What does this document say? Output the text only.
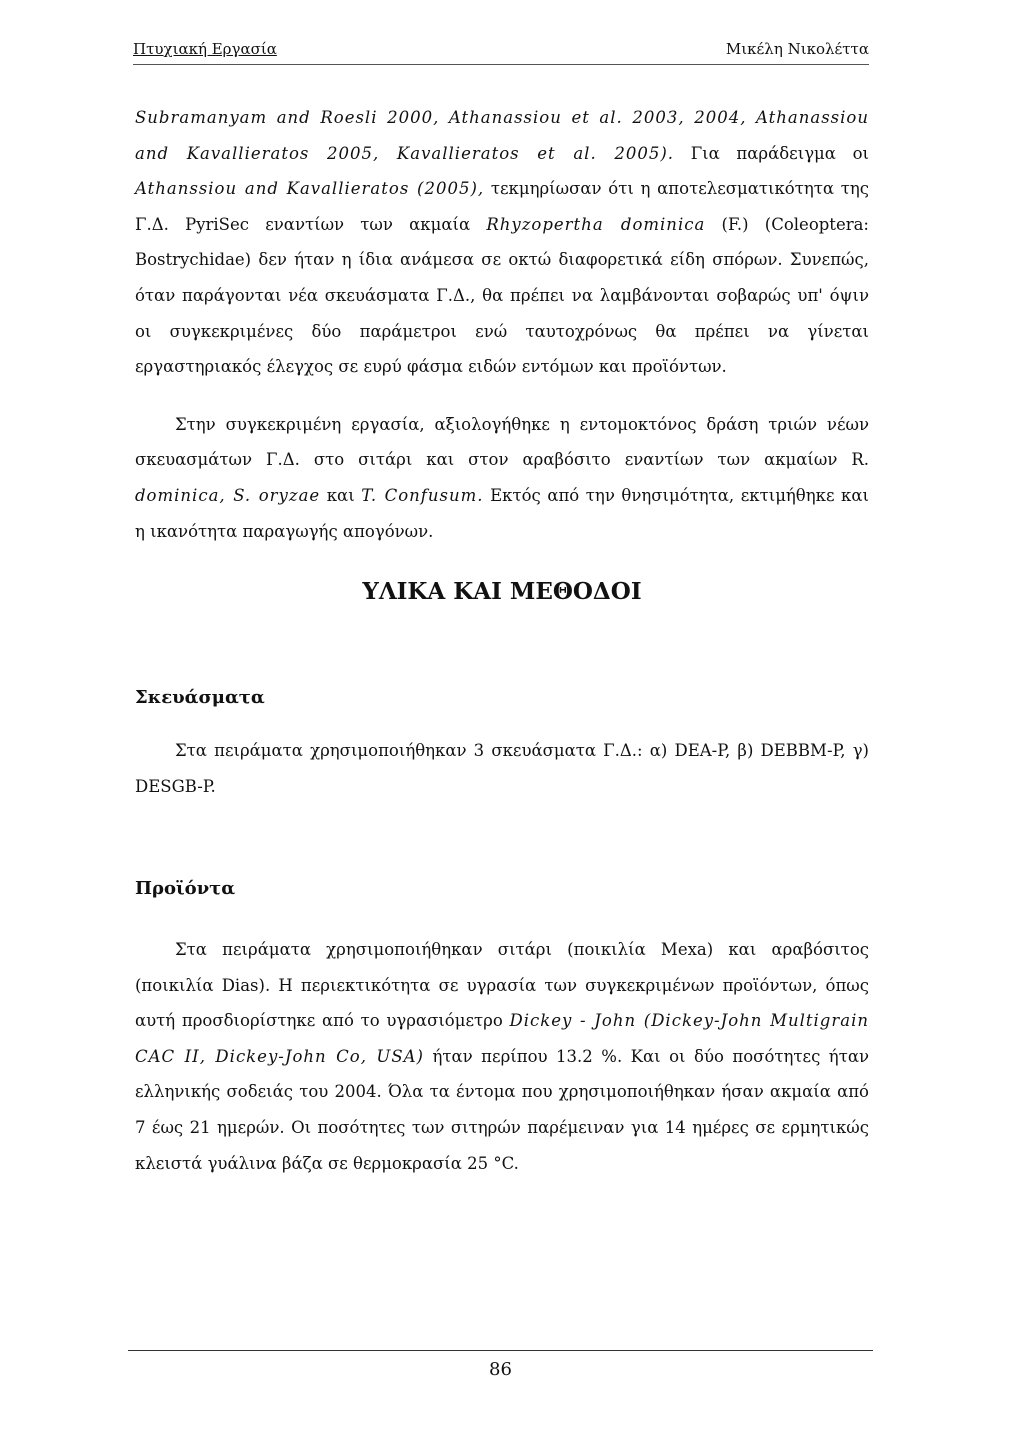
Πτυχιακή Εργασία	Μικέλη Νικολέττα

Subramanyam and Roesli 2000, Athanassiou et al. 2003, 2004, Athanassiou and Kavallieratos 2005, Kavallieratos et al. 2005). Για παράδειγμα οι Athanssiou and Kavallieratos (2005), τεκμηρίωσαν ότι η αποτελεσματικότητα της Γ.Δ. PyriSec εναντίων των ακμαία Rhyzopertha dominica (F.) (Coleoptera: Bostrychidae) δεν ήταν η ίδια ανάμεσα σε οκτώ διαφορετικά είδη σπόρων. Συνεπώς, όταν παράγονται νέα σκευάσματα Γ.Δ., θα πρέπει να λαμβάνονται σοβαρώς υπ' όψιν οι συγκεκριμένες δύο παράμετροι ενώ ταυτοχρόνως θα πρέπει να γίνεται εργαστηριακός έλεγχος σε ευρύ φάσμα ειδών εντόμων και προϊόντων.

Στην συγκεκριμένη εργασία, αξιολογήθηκε η εντομοκτόνος δράση τριών νέων σκευασμάτων Γ.Δ. στο σιτάρι και στον αραβόσιτο εναντίων των ακμαίων R. dominica, S. oryzae και T. Confusum. Εκτός από την θνησιμότητα, εκτιμήθηκε και η ικανότητα παραγωγής απογόνων.

ΥΛΙΚΑ ΚΑΙ ΜΕΘΟΔΟΙ
Σκευάσματα

Στα πειράματα χρησιμοποιήθηκαν 3 σκευάσματα Γ.Δ.: α) DEA-P, β) DEBBM-P, γ) DESGB-P.

Προϊόντα

Στα πειράματα χρησιμοποιήθηκαν σιτάρι (ποικιλία Mexa) και αραβόσιτος (ποικιλία Dias). Η περιεκτικότητα σε υγρασία των συγκεκριμένων προϊόντων, όπως αυτή προσδιορίστηκε από το υγρασιόμετρο Dickey - John (Dickey-John Multigrain CAC II, Dickey-John Co, USA) ήταν περίπου 13.2 %. Και οι δύο ποσότητες ήταν ελληνικής σοδειάς του 2004. Όλα τα έντομα που χρησιμοποιήθηκαν ήσαν ακμαία από 7 έως 21 ημερών. Οι ποσότητες των σιτηρών παρέμειναν για 14 ημέρες σε ερμητικώς κλειστά γυάλινα βάζα σε θερμοκρασία 25 °C.

86
